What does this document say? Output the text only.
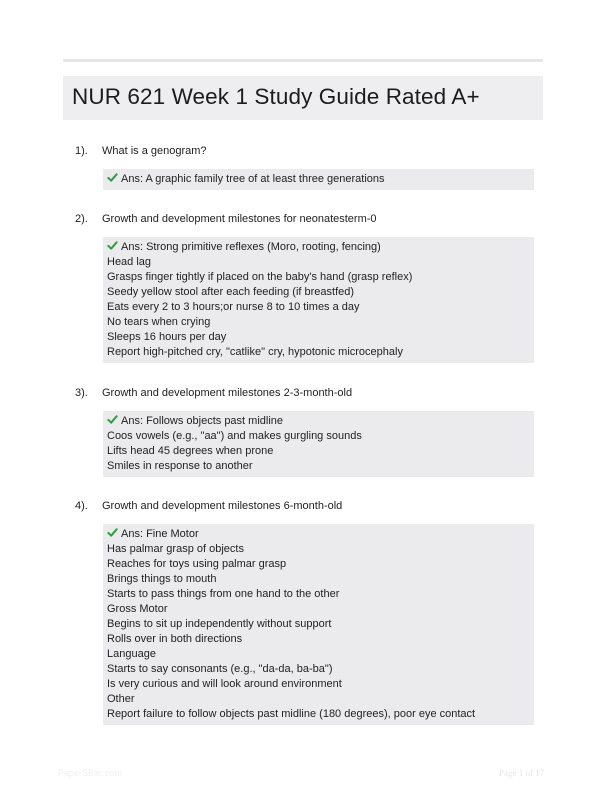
NUR 621 Week 1 Study Guide Rated A+
1). What is a genogram?
Ans: A graphic family tree of at least three generations
2). Growth and development milestones for neonatesterm-0
Ans: Strong primitive reflexes (Moro, rooting, fencing)
Head lag
Grasps finger tightly if placed on the baby's hand (grasp reflex)
Seedy yellow stool after each feeding (if breastfed)
Eats every 2 to 3 hours;or nurse 8 to 10 times a day
No tears when crying
Sleeps 16 hours per day
Report high-pitched cry, "catlike" cry, hypotonic microcephaly
3). Growth and development milestones 2-3-month-old
Ans: Follows objects past midline
Coos vowels (e.g., "aa") and makes gurgling sounds
Lifts head 45 degrees when prone
Smiles in response to another
4). Growth and development milestones 6-month-old
Ans: Fine Motor
Has palmar grasp of objects
Reaches for toys using palmar grasp
Brings things to mouth
Starts to pass things from one hand to the other
Gross Motor
Begins to sit up independently without support
Rolls over in both directions
Language
Starts to say consonants (e.g., "da-da, ba-ba")
Is very curious and will look around environment
Other
Report failure to follow objects past midline (180 degrees), poor eye contact
PaperSBlic.com	Page 1 of 17
